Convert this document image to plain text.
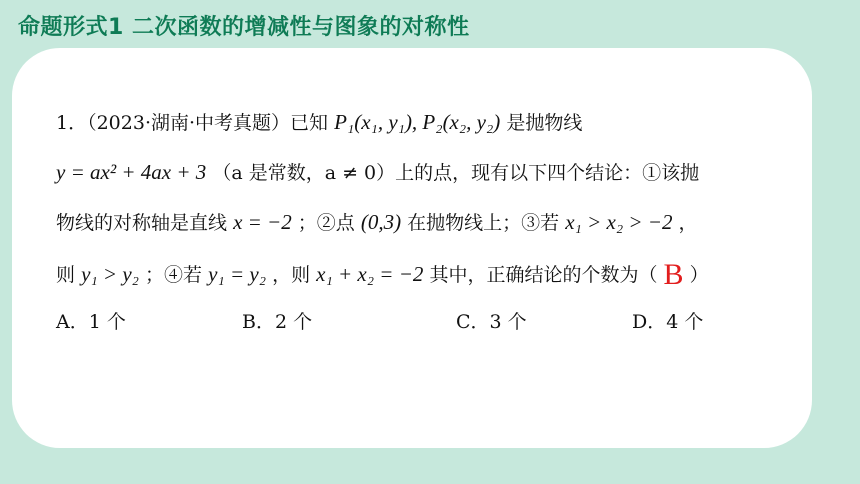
命题形式1 二次函数的增减性与图象的对称性
1．（2023·湖南·中考真题）已知 P₁(x₁, y₁), P₂(x₂, y₂) 是抛物线
y = ax² + 4ax + 3 （a 是常数，a ≠ 0）上的点，现有以下四个结论：①该抛
物线的对称轴是直线 x = −2 ；②点 (0,3) 在抛物线上；③若 x₁ > x₂ > −2 ，
则 y₁ > y₂ ；④若 y₁ = y₂ ，则 x₁ + x₂ = −2 其中，正确结论的个数为（ B ）
A．1 个	B．2 个	C．3 个	D．4 个
